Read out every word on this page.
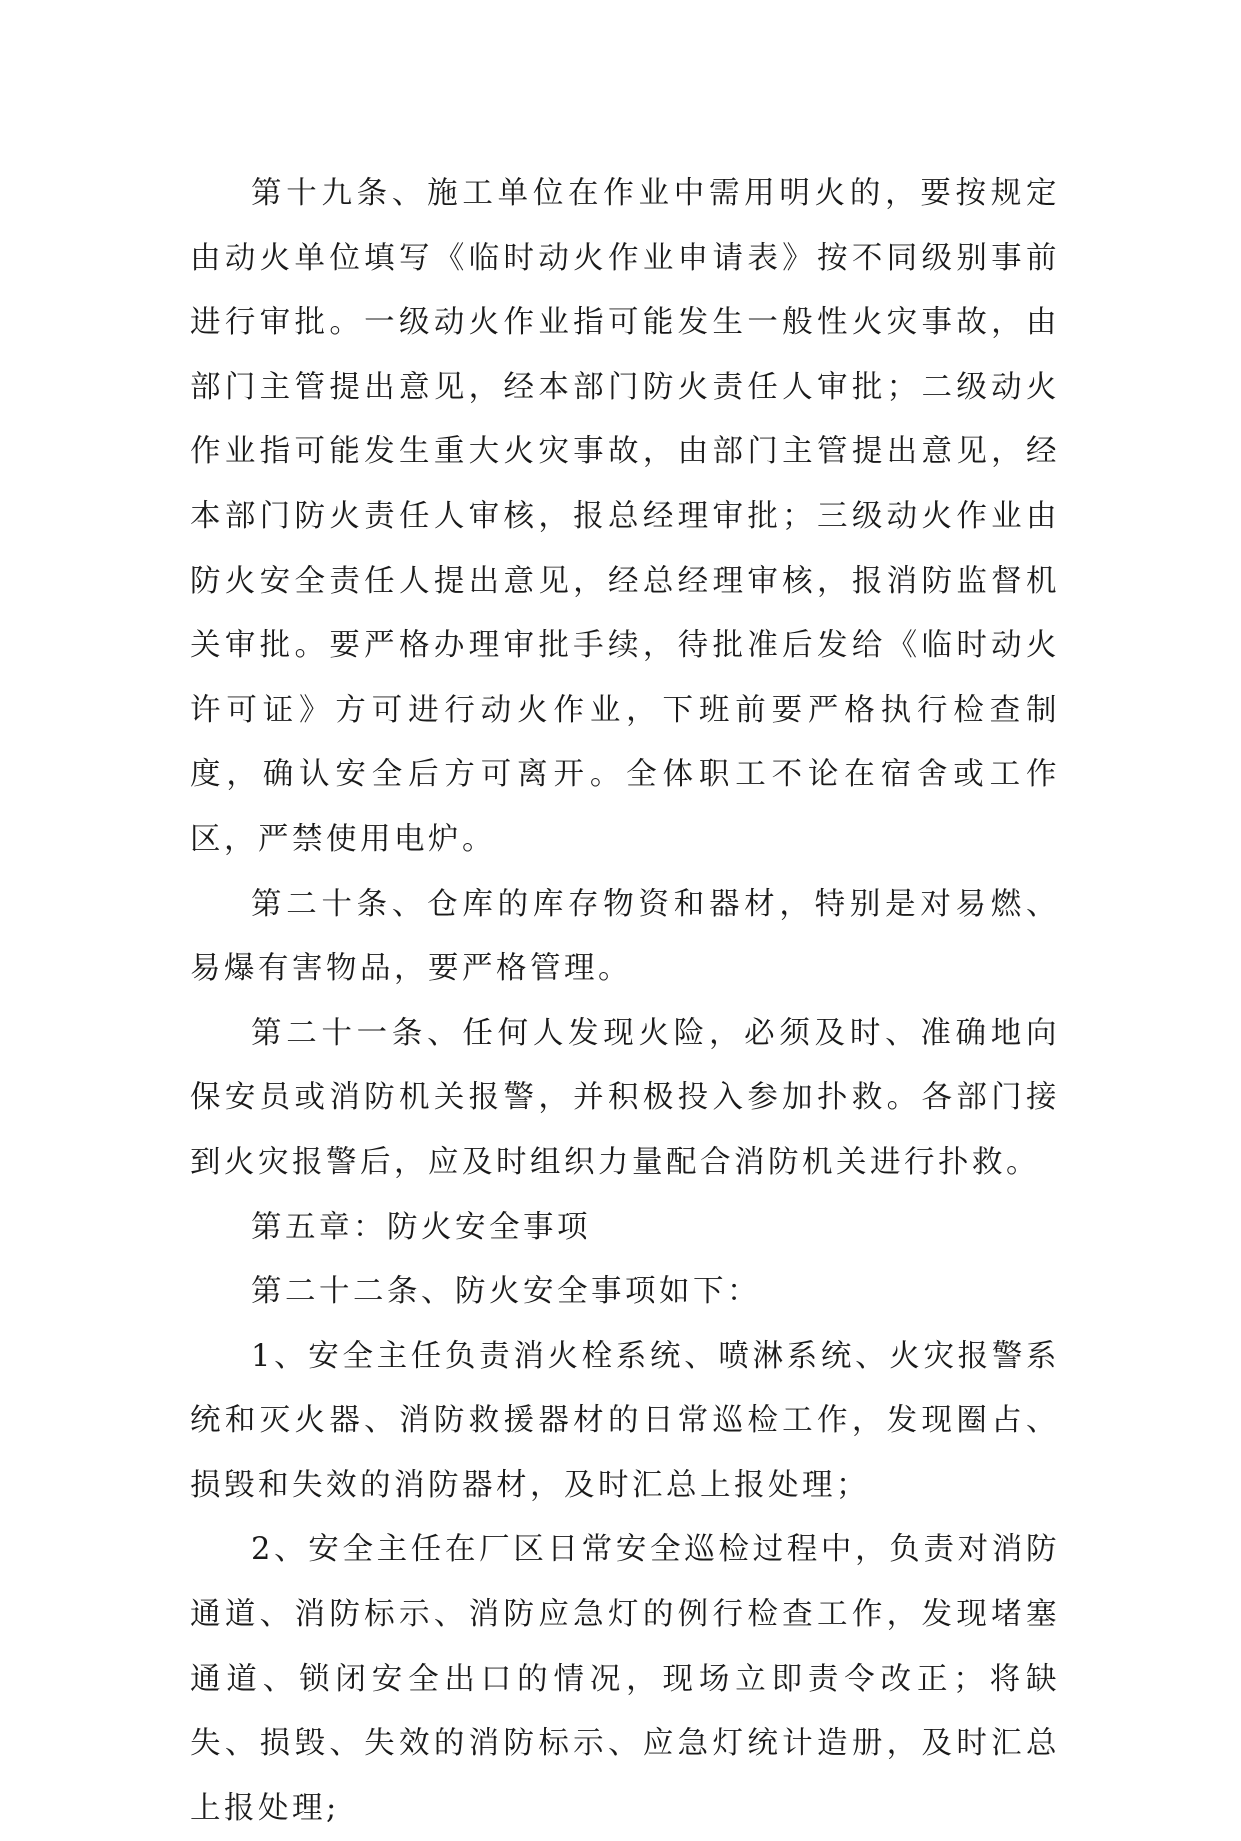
第十九条、施工单位在作业中需用明火的，要按规定由动火单位填写《临时动火作业申请表》按不同级别事前进行审批。一级动火作业指可能发生一般性火灾事故，由部门主管提出意见，经本部门防火责任人审批；二级动火作业指可能发生重大火灾事故，由部门主管提出意见，经本部门防火责任人审核，报总经理审批；三级动火作业由防火安全责任人提出意见，经总经理审核，报消防监督机关审批。要严格办理审批手续，待批准后发给《临时动火许可证》方可进行动火作业，下班前要严格执行检查制度，确认安全后方可离开。全体职工不论在宿舍或工作区，严禁使用电炉。

第二十条、仓库的库存物资和器材，特别是对易燃、易爆有害物品，要严格管理。

第二十一条、任何人发现火险，必须及时、准确地向保安员或消防机关报警，并积极投入参加扑救。各部门接到火灾报警后，应及时组织力量配合消防机关进行扑救。

第五章：防火安全事项

第二十二条、防火安全事项如下：

1、安全主任负责消火栓系统、喷淋系统、火灾报警系统和灭火器、消防救援器材的日常巡检工作，发现圈占、损毁和失效的消防器材，及时汇总上报处理；

2、安全主任在厂区日常安全巡检过程中，负责对消防通道、消防标示、消防应急灯的例行检查工作，发现堵塞通道、锁闭安全出口的情况，现场立即责令改正；将缺失、损毁、失效的消防标示、应急灯统计造册，及时汇总上报处理;
